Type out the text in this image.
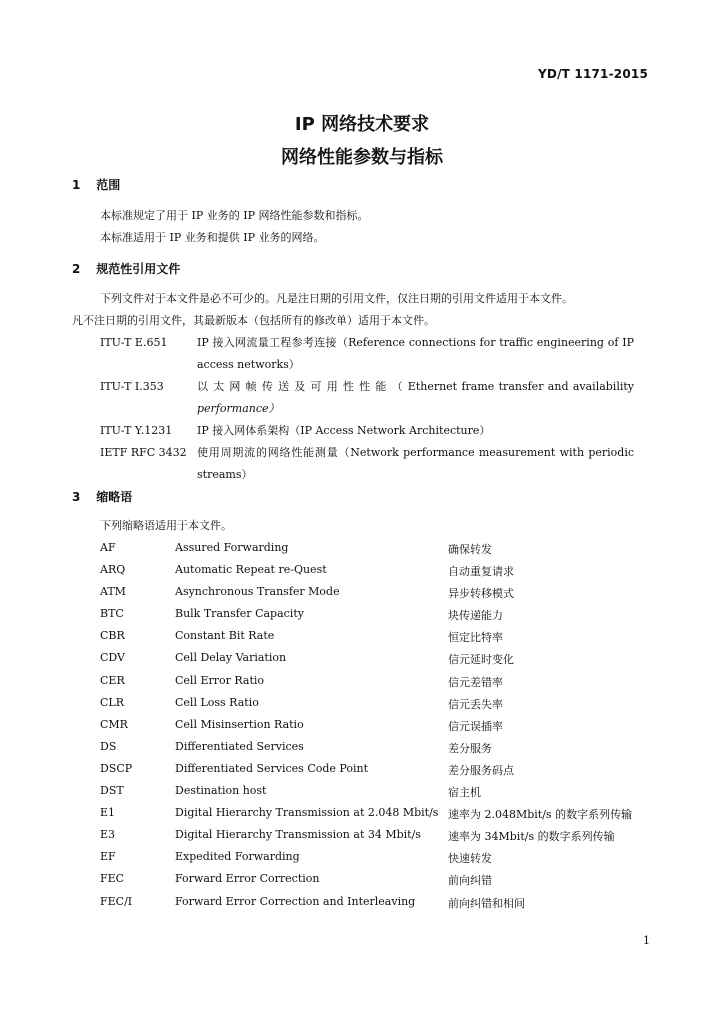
YD/T 1171-2015
IP 网络技术要求
网络性能参数与指标
1 范围
本标准规定了用于 IP 业务的 IP 网络性能参数和指标。
本标准适用于 IP 业务和提供 IP 业务的网络。
2 规范性引用文件
下列文件对于本文件是必不可少的。凡是注日期的引用文件，仅注日期的引用文件适用于本文件。
凡不注日期的引用文件，其最新版本（包括所有的修改单）适用于本文件。
ITU-T E.651	IP 接入网流量工程参考连接（Reference connections for traffic engineering of IP
access networks）
ITU-T I.353	以 太 网 帧 传 送 及 可 用 性 性 能 （ Ethernet frame transfer and availability
performance）
ITU-T Y.1231 IP 接入网体系架构（IP Access Network Architecture）
IETF RFC 3432 使用周期流的网络性能测量（Network performance measurement with periodic
streams）
3 缩略语
下列缩略语适用于本文件。
AF	Assured Forwarding	确保转发
ARQ	Automatic Repeat re-Quest	自动重复请求
ATM	Asynchronous Transfer Mode	异步转移模式
BTC	Bulk Transfer Capacity	块传递能力
CBR	Constant Bit Rate	恒定比特率
CDV	Cell Delay Variation	信元延时变化
CER	Cell Error Ratio	信元差错率
CLR	Cell Loss Ratio	信元丢失率
CMR	Cell Misinsertion Ratio	信元误插率
DS	Differentiated Services	差分服务
DSCP	Differentiated Services Code Point	差分服务码点
DST	Destination host	宿主机
E1	Digital Hierarchy Transmission at 2.048 Mbit/s 速率为 2.048Mbit/s 的数字系列传输
E3	Digital Hierarchy Transmission at 34 Mbit/s 速率为 34Mbit/s 的数字系列传输
EF	Expedited Forwarding	快速转发
FEC	Forward Error Correction	前向纠错
FEC/I	Forward Error Correction and Interleaving	前向纠错和相间
1
